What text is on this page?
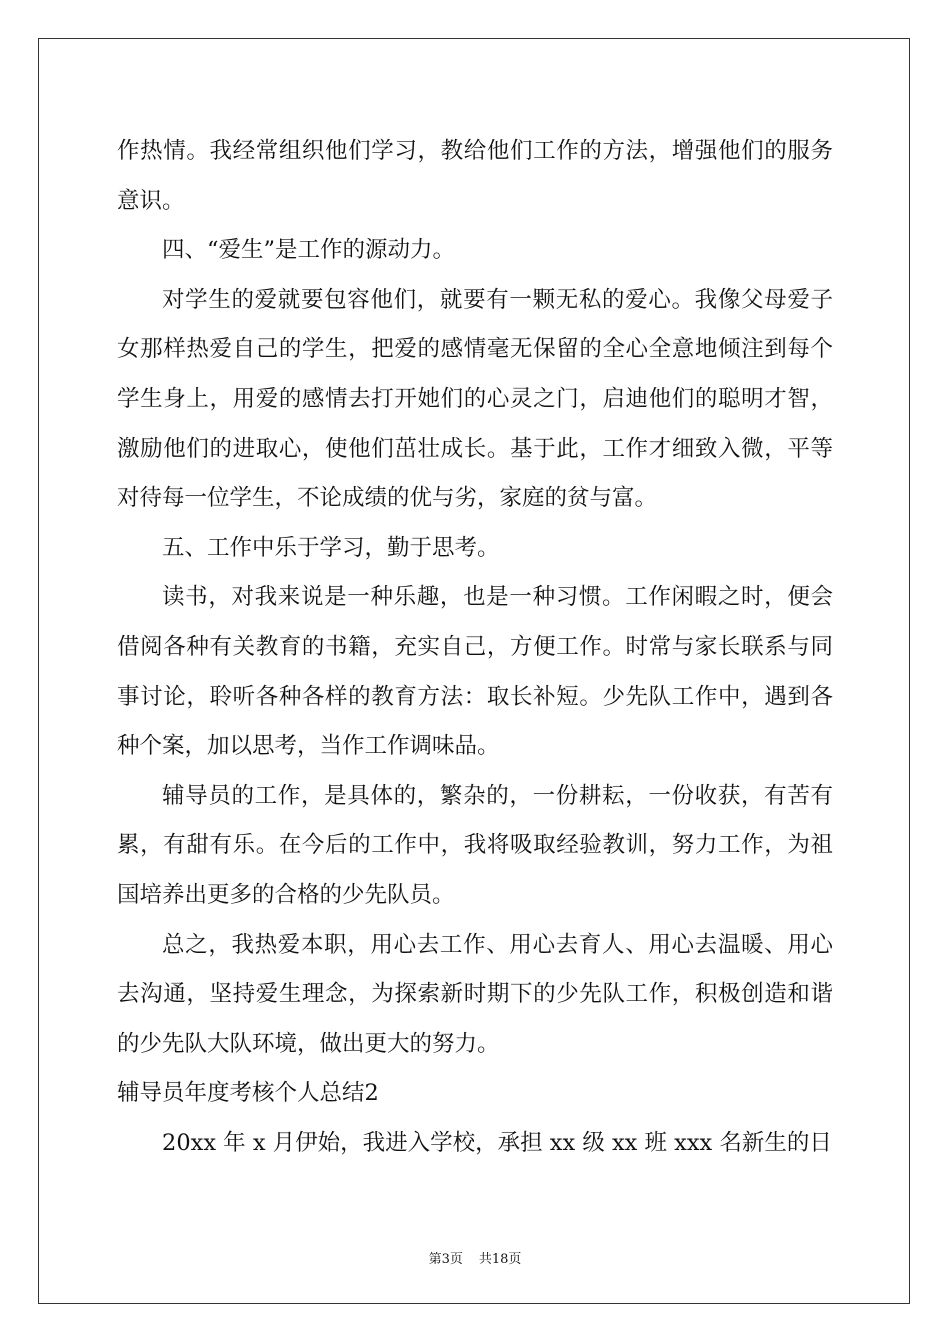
作热情。我经常组织他们学习，教给他们工作的方法，增强他们的服务意识。

四、“爱生”是工作的源动力。

对学生的爱就要包容他们，就要有一颗无私的爱心。我像父母爱子女那样热爱自己的学生，把爱的感情毫无保留的全心全意地倾注到每个学生身上，用爱的感情去打开她们的心灵之门，启迪他们的聪明才智，激励他们的进取心，使他们茁壮成长。基于此，工作才细致入微，平等对待每一位学生，不论成绩的优与劣，家庭的贫与富。

五、工作中乐于学习，勤于思考。

读书，对我来说是一种乐趣，也是一种习惯。工作闲暇之时，便会借阅各种有关教育的书籍，充实自己，方便工作。时常与家长联系与同事讨论，聆听各种各样的教育方法：取长补短。少先队工作中，遇到各种个案，加以思考，当作工作调味品。

辅导员的工作，是具体的，繁杂的，一份耕耘，一份收获，有苦有累，有甜有乐。在今后的工作中，我将吸取经验教训，努力工作，为祖国培养出更多的合格的少先队员。

总之，我热爱本职，用心去工作、用心去育人、用心去温暖、用心去沟通，坚持爱生理念，为探索新时期下的少先队工作，积极创造和谐的少先队大队环境，做出更大的努力。

辅导员年度考核个人总结2

20xx 年 x 月伊始，我进入学校，承担 xx 级 xx 班 xxx 名新生的日

第3页 共18页
